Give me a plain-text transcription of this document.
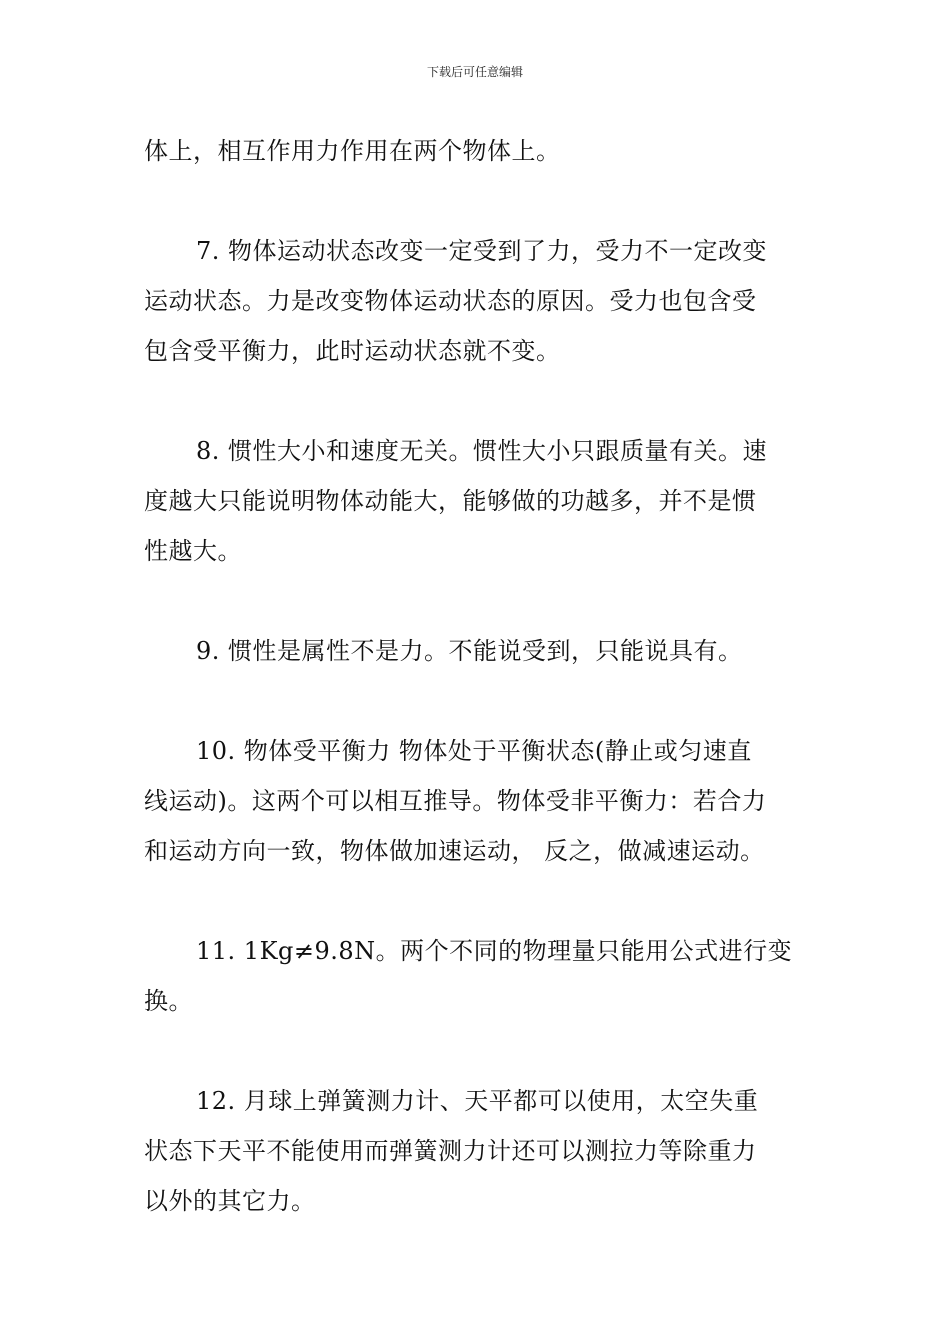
下载后可任意编辑
体上，相互作用力作用在两个物体上。
7. 物体运动状态改变一定受到了力，受力不一定改变
运动状态。力是改变物体运动状态的原因。受力也包含受
包含受平衡力，此时运动状态就不变。
8. 惯性大小和速度无关。惯性大小只跟质量有关。速
度越大只能说明物体动能大，能够做的功越多，并不是惯
性越大。
9. 惯性是属性不是力。不能说受到，只能说具有。
10. 物体受平衡力 物体处于平衡状态(静止或匀速直
线运动)。这两个可以相互推导。物体受非平衡力：若合力
和运动方向一致，物体做加速运动， 反之，做减速运动。
11. 1Kg≠9.8N。两个不同的物理量只能用公式进行变
换。
12. 月球上弹簧测力计、天平都可以使用，太空失重
状态下天平不能使用而弹簧测力计还可以测拉力等除重力
以外的其它力。
